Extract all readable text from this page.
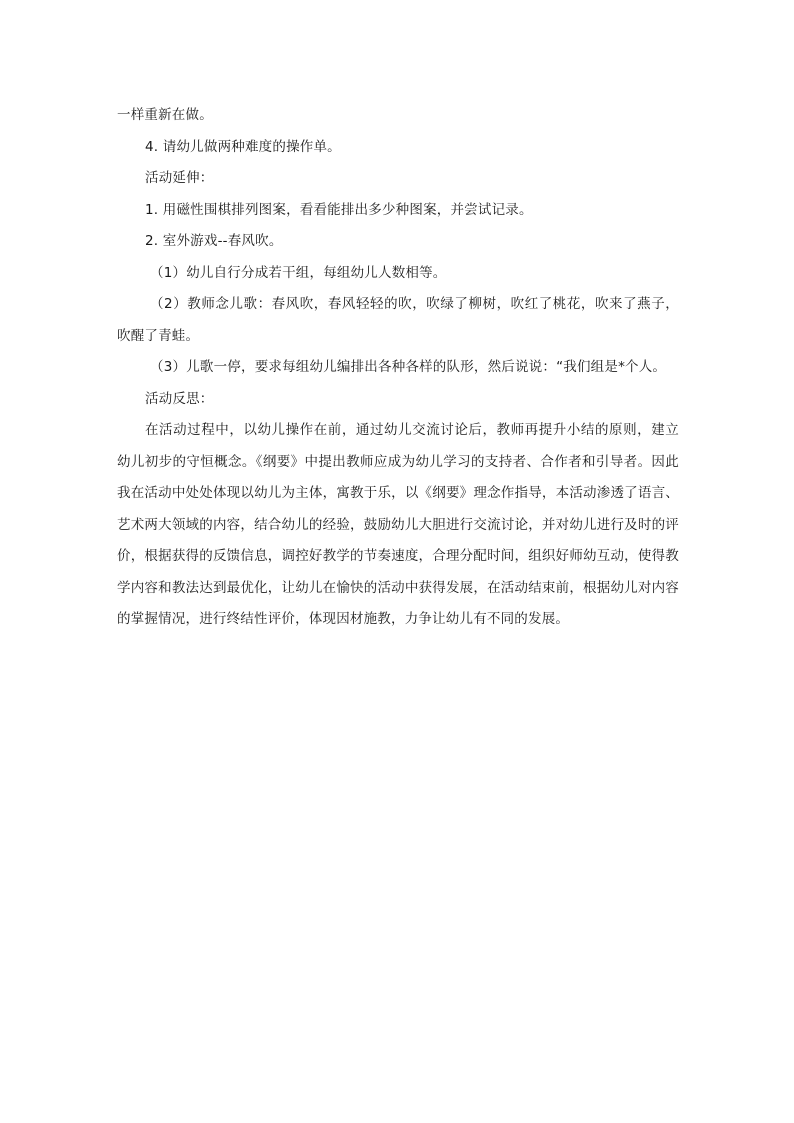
一样重新在做。

4. 请幼儿做两种难度的操作单。

活动延伸：

1. 用磁性围棋排列图案，看看能排出多少种图案，并尝试记录。

2. 室外游戏--春风吹。

（1）幼儿自行分成若干组，每组幼儿人数相等。

（2）教师念儿歌：春风吹，春风轻轻的吹，吹绿了柳树，吹红了桃花，吹来了燕子，吹醒了青蛙。

（3）儿歌一停，要求每组幼儿编排出各种各样的队形，然后说说：“我们组是*个人。

活动反思：

在活动过程中，以幼儿操作在前，通过幼儿交流讨论后，教师再提升小结的原则，建立幼儿初步的守恒概念。《纲要》中提出教师应成为幼儿学习的支持者、合作者和引导者。因此我在活动中处处体现以幼儿为主体，寓教于乐，以《纲要》理念作指导，本活动渗透了语言、艺术两大领域的内容，结合幼儿的经验，鼓励幼儿大胆进行交流讨论，并对幼儿进行及时的评价，根据获得的反馈信息，调控好教学的节奏速度，合理分配时间，组织好师幼互动，使得教学内容和教法达到最优化，让幼儿在愉快的活动中获得发展，在活动结束前，根据幼儿对内容的掌握情况，进行终结性评价，体现因材施教，力争让幼儿有不同的发展。
